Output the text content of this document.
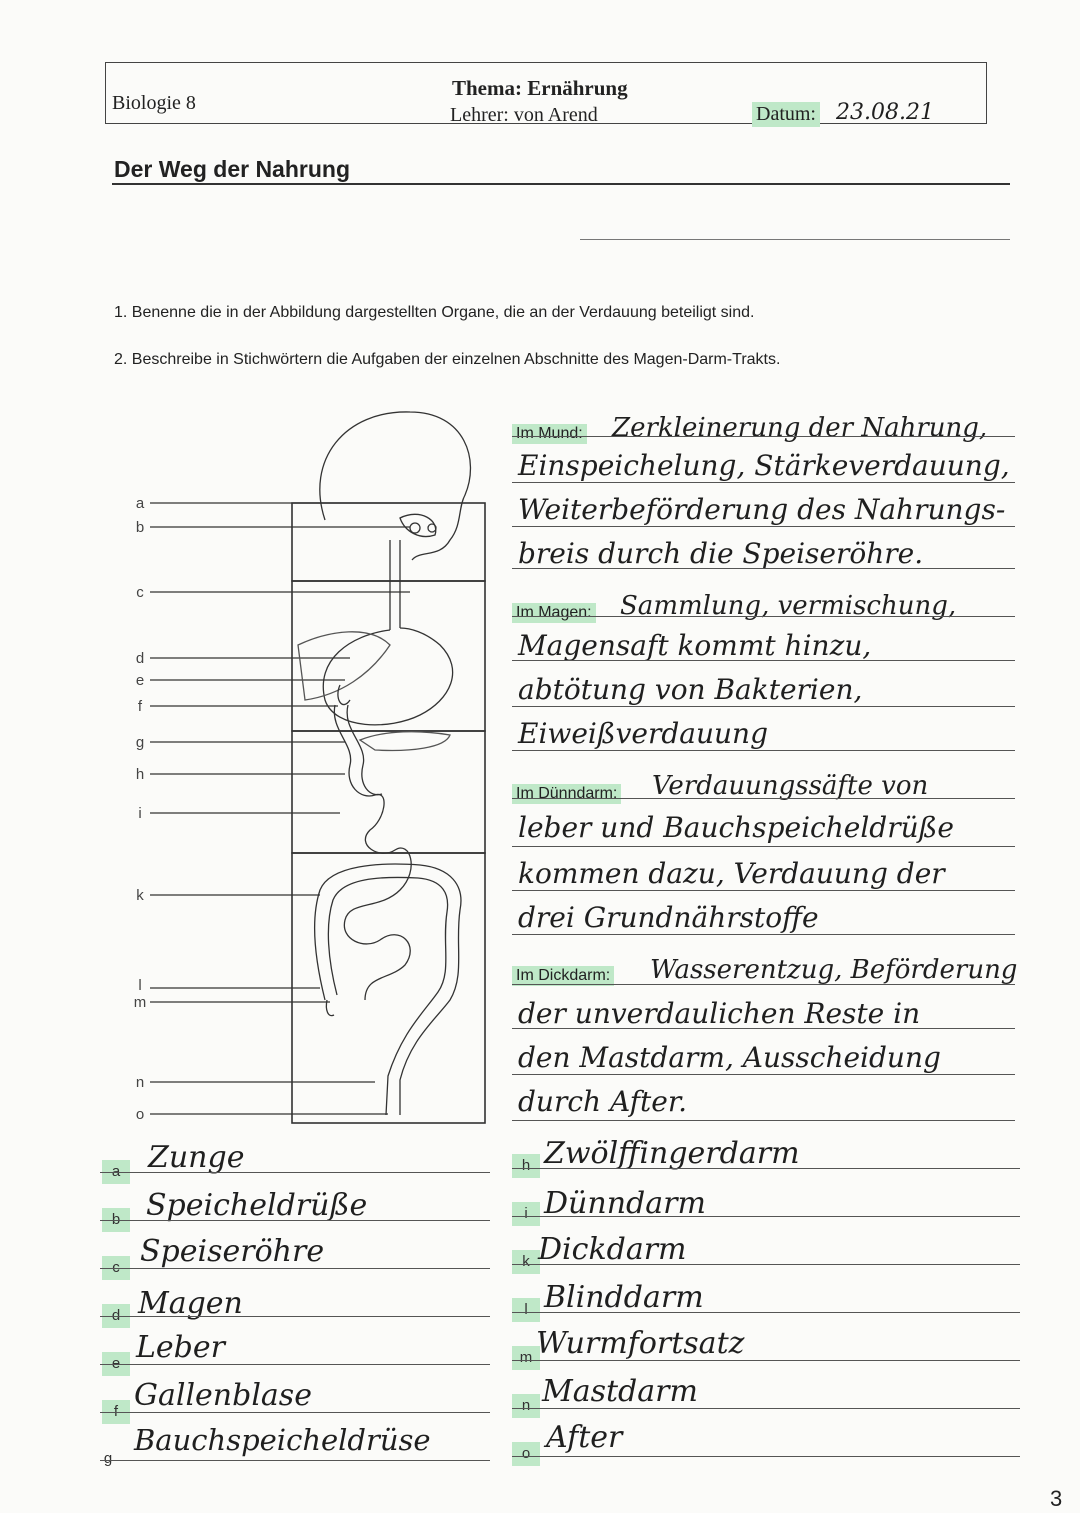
Biologie 8
Thema: Ernährung
Lehrer: von Arend	Datum: 23.08.21
Der Weg der Nahrung
1. Benenne die in der Abbildung dargestellten Organe, die an der Verdauung beteiligt sind.
2. Beschreibe in Stichwörtern die Aufgaben der einzelnen Abschnitte des Magen-Darm-Trakts.
a
b
c
d
e
f
g
h
i
k
l
m
n
o
Im Mund: Zerkleinerung der Nahrung,
Einspeichelung, Stärkeverdauung,
Weiterbeförderung des Nahrungs-
breis durch die Speiseröhre.
Im Magen: Sammlung, vermischung,
Magensaft kommt hinzu,
abtötung von Bakterien,
Eiweißverdauung
Im Dünndarm: Verdauungssäfte von
leber und Bauchspeicheldrüße
kommen dazu, Verdauung der
drei Grundnährstoffe
Im Dickdarm: Wasserentzug, Beförderung
der unverdaulichen Reste in
den Mastdarm, Ausscheidung
durch After.
a Zunge
b Speicheldrüße
c Speiseröhre
d Magen
e Leber
f Gallenblase
g
Bauchspeicheldrüse
h Zwölffingerdarm
i Dünndarm
k Dickdarm
l Blinddarm
m Wurmfortsatz
n Mastdarm
o After
3
